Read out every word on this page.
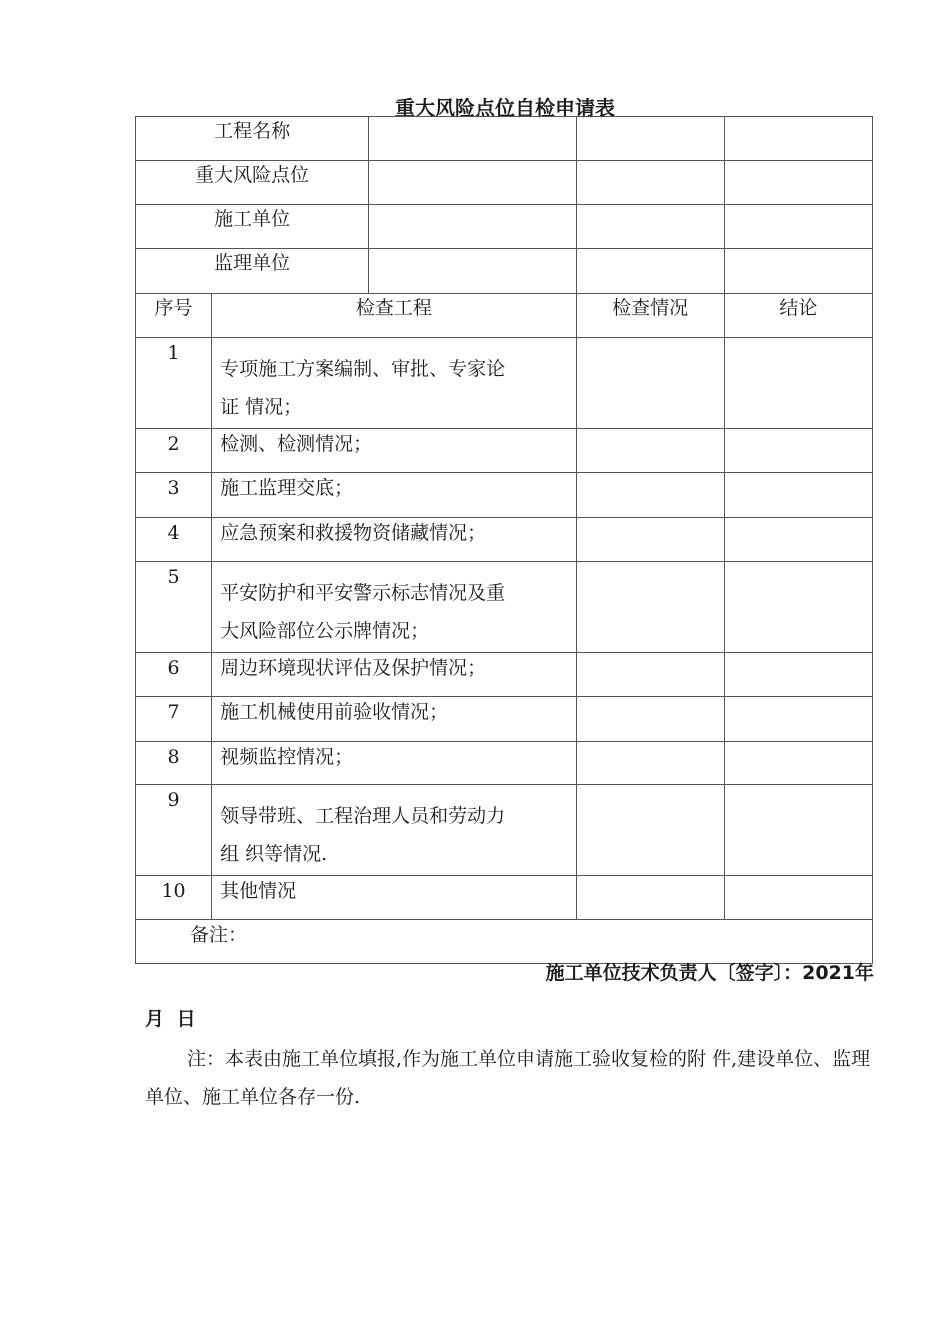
重大风险点位自检申请表
工程名称				
重大风险点位				
施工单位				
监理单位				
序号	检查工程		检查情况	结论
1	专项施工方案编制、审批、专家论
证 情况；			

2	检测、检测情况；			
3	施工监理交底；			
4	应急预案和救援物资储藏情况；			
5	平安防护和平安警示标志情况及重
大风险部位公示牌情况；			

6	周边环境现状评估及保护情况；			
7	施工机械使用前验收情况；			
8	视频监控情况；			
9	领导带班、工程治理人员和劳动力
组 织等情况.			

10	其他情况			
备注：				
施工单位技术负责人〔签字〕：2021年
月 日
注：本表由施工单位填报,作为施工单位申请施工验收复检的附 件,建设单位、监理单位、施工单位各存一份.
